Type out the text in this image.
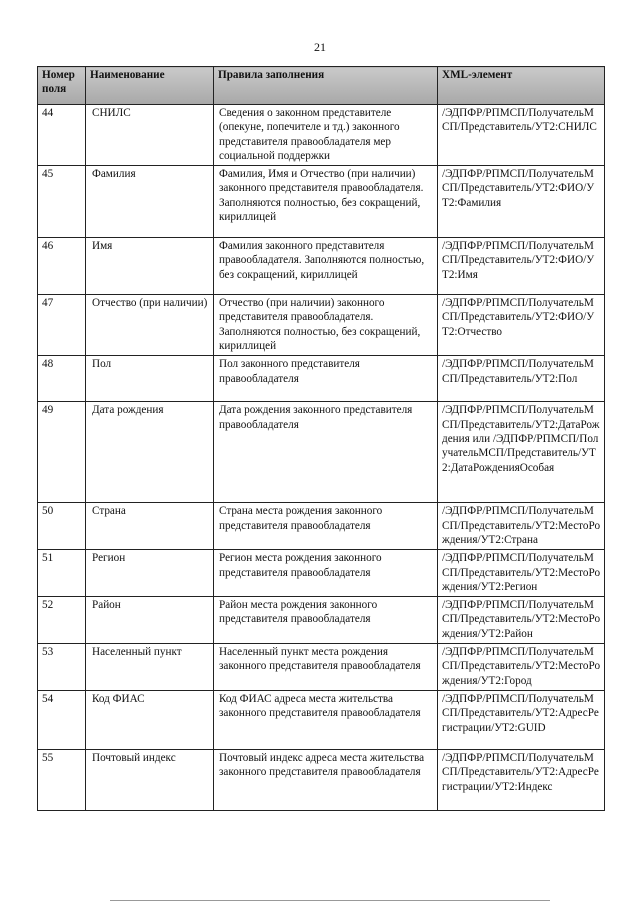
21
Номер поля	Наименование	Правила заполнения	XML-элемент
44	СНИЛС	Сведения о законном представителе (опекуне, попечителе и тд.) законного представителя правообладателя мер социальной поддержки	/ЭДПФР/РПМСП/ПолучательМСП/Представитель/УТ2:СНИЛС
45	Фамилия	Фамилия, Имя и Отчество (при наличии) законного представителя правообладателя. Заполняются полностью, без сокращений, кириллицей	/ЭДПФР/РПМСП/ПолучательМСП/Представитель/УТ2:ФИО/УТ2:Фамилия
46	Имя	Фамилия законного представителя правообладателя. Заполняются полностью, без сокращений, кириллицей	/ЭДПФР/РПМСП/ПолучательМСП/Представитель/УТ2:ФИО/УТ2:Имя
47	Отчество (при наличии)	Отчество (при наличии) законного представителя правообладателя. Заполняются полностью, без сокращений, кириллицей	/ЭДПФР/РПМСП/ПолучательМСП/Представитель/УТ2:ФИО/УТ2:Отчество
48	Пол	Пол законного представителя правообладателя	/ЭДПФР/РПМСП/ПолучательМСП/Представитель/УТ2:Пол
49	Дата рождения	Дата рождения законного представителя правообладателя	/ЭДПФР/РПМСП/ПолучательМСП/Представитель/УТ2:ДатаРождения или /ЭДПФР/РПМСП/ПолучательМСП/Представитель/УТ2:ДатаРожденияОсобая
50	Страна	Страна места рождения законного представителя правообладателя	/ЭДПФР/РПМСП/ПолучательМСП/Представитель/УТ2:МестоРождения/УТ2:Страна
51	Регион	Регион места рождения законного представителя правообладателя	/ЭДПФР/РПМСП/ПолучательМСП/Представитель/УТ2:МестоРождения/УТ2:Регион
52	Район	Район места рождения законного представителя правообладателя	/ЭДПФР/РПМСП/ПолучательМСП/Представитель/УТ2:МестоРождения/УТ2:Район
53	Населенный пункт	Населенный пункт места рождения законного представителя правообладателя	/ЭДПФР/РПМСП/ПолучательМСП/Представитель/УТ2:МестоРождения/УТ2:Город
54	Код ФИАС	Код ФИАС адреса места жительства законного представителя правообладателя	/ЭДПФР/РПМСП/ПолучательМСП/Представитель/УТ2:АдресРегистрации/УТ2:GUID
55	Почтовый индекс	Почтовый индекс адреса места жительства законного представителя правообладателя	/ЭДПФР/РПМСП/ПолучательМСП/Представитель/УТ2:АдресРегистрации/УТ2:Индекс
